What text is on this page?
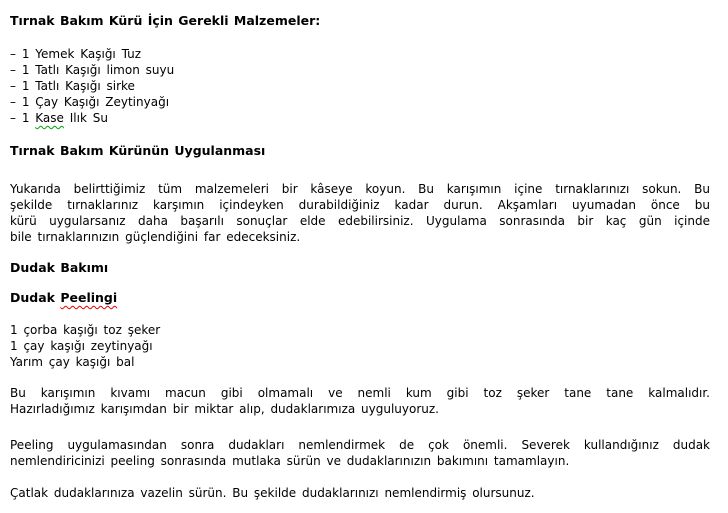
Tırnak Bakım Kürü İçin Gerekli Malzemeler:
– 1 Yemek Kaşığı Tuz
– 1 Tatlı Kaşığı limon suyu
– 1 Tatlı Kaşığı sirke
– 1 Çay Kaşığı Zeytinyağı
– 1 Kase Ilık Su
Tırnak Bakım Kürünün Uygulanması
Yukarıda belirttiğimiz tüm malzemeleri bir kâseye koyun. Bu karışımın içine tırnaklarınızı sokun. Bu
şekilde tırnaklarınız karşımın içindeyken durabildiğiniz kadar durun. Akşamları uyumadan önce bu
kürü uygularsanız daha başarılı sonuçlar elde edebilirsiniz. Uygulama sonrasında bir kaç gün içinde
bile tırnaklarınızın güçlendiğini far edeceksiniz.
Dudak Bakımı
Dudak Peelingi
1 çorba kaşığı toz şeker
1 çay kaşığı zeytinyağı
Yarım çay kaşığı bal
Bu karışımın kıvamı macun gibi olmamalı ve nemli kum gibi toz şeker tane tane kalmalıdır.
Hazırladığımız karışımdan bir miktar alıp, dudaklarımıza uyguluyoruz.
Peeling uygulamasından sonra dudakları nemlendirmek de çok önemli. Severek kullandığınız dudak
nemlendiricinizi peeling sonrasında mutlaka sürün ve dudaklarınızın bakımını tamamlayın.
Çatlak dudaklarınıza vazelin sürün. Bu şekilde dudaklarınızı nemlendirmiş olursunuz.
